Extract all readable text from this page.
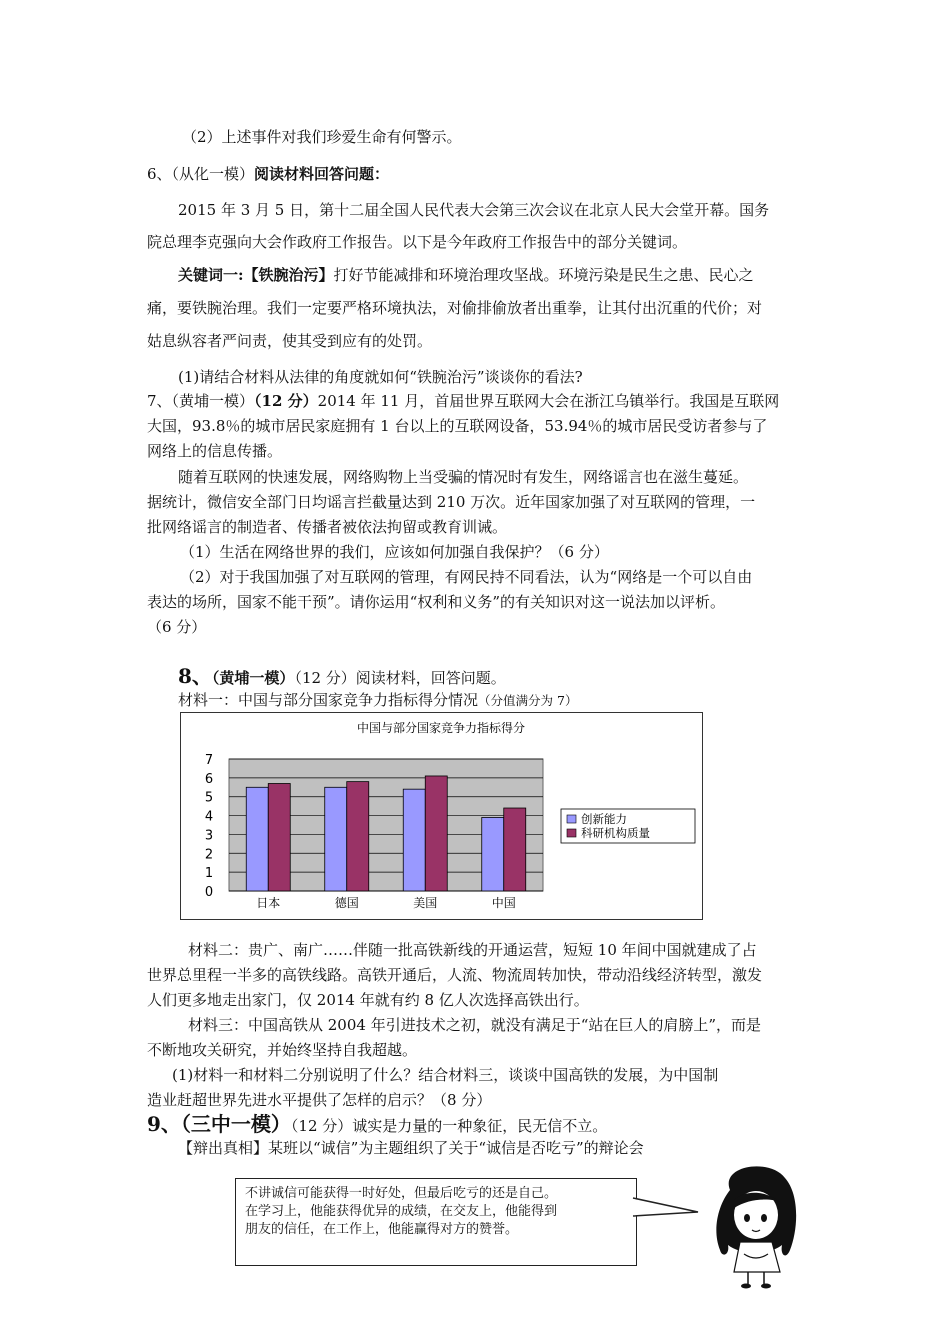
（2）上述事件对我们珍爱生命有何警示。
6、（从化一模）阅读材料回答问题：
2015 年 3 月 5 日，第十二届全国人民代表大会第三次会议在北京人民大会堂开幕。国务
院总理李克强向大会作政府工作报告。以下是今年政府工作报告中的部分关键词。
关键词一:【铁腕治污】打好节能减排和环境治理攻坚战。环境污染是民生之患、民心之
痛，要铁腕治理。我们一定要严格环境执法，对偷排偷放者出重拳，让其付出沉重的代价；对
姑息纵容者严问责，使其受到应有的处罚。
(1)请结合材料从法律的角度就如何“铁腕治污”谈谈你的看法?
7、（黄埔一模）（12 分）2014 年 11 月，首届世界互联网大会在浙江乌镇举行。我国是互联网
大国，93.8％的城市居民家庭拥有 1 台以上的互联网设备，53.94％的城市居民受访者参与了
网络上的信息传播。
随着互联网的快速发展，网络购物上当受骗的情况时有发生，网络谣言也在滋生蔓延。
据统计，微信安全部门日均谣言拦截量达到 210 万次。近年国家加强了对互联网的管理，一
批网络谣言的制造者、传播者被依法拘留或教育训诫。
（1）生活在网络世界的我们，应该如何加强自我保护？（6 分）
（2）对于我国加强了对互联网的管理，有网民持不同看法，认为“网络是一个可以自由
表达的场所，国家不能干预”。请你运用“权利和义务”的有关知识对这一说法加以评析。
（6 分）
8、（黄埔一模）（12 分）阅读材料，回答问题。
材料一：中国与部分国家竞争力指标得分情况（分值满分为 7）
中国与部分国家竞争力指标得分
0
1
2
3
4
5
6
7
日本	德国	美国	中国
创新能力
科研机构质量
材料二：贵广、南广……伴随一批高铁新线的开通运营，短短 10 年间中国就建成了占
世界总里程一半多的高铁线路。高铁开通后，人流、物流周转加快，带动沿线经济转型，激发
人们更多地走出家门，仅 2014 年就有约 8 亿人次选择高铁出行。
材料三：中国高铁从 2004 年引进技术之初，就没有满足于“站在巨人的肩膀上”，而是
不断地攻关研究，并始终坚持自我超越。
(1)材料一和材料二分别说明了什么？结合材料三，谈谈中国高铁的发展，为中国制
造业赶超世界先进水平提供了怎样的启示？（8 分）
9、（三中一模）（12 分）诚实是力量的一种象征，民无信不立。
【辩出真相】某班以“诚信”为主题组织了关于“诚信是否吃亏”的辩论会
不讲诚信可能获得一时好处，但最后吃亏的还是自己。
在学习上，他能获得优异的成绩，在交友上，他能得到
朋友的信任，在工作上，他能赢得对方的赞誉。
